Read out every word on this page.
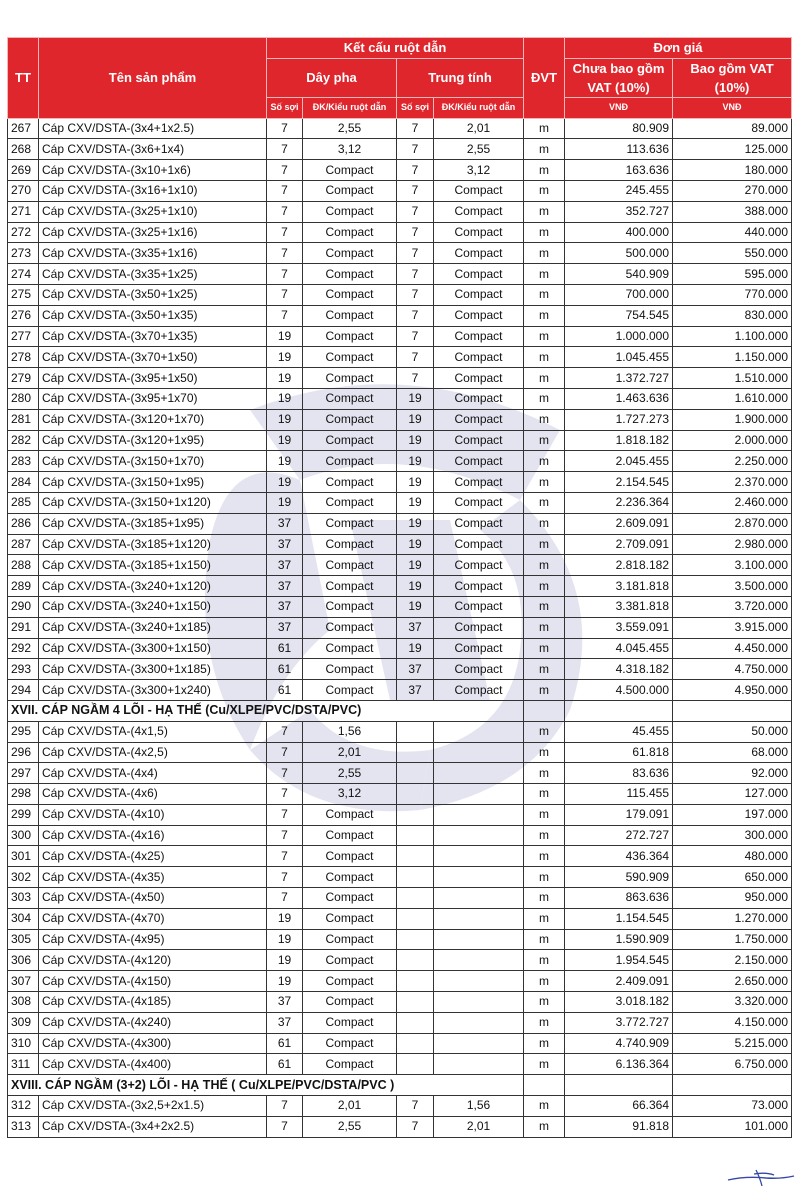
TT	Tên sản phẩm	Kết cấu ruột dẫn				ĐVT	Đơn giá	
		Dây pha		Trung tính			Chưa bao gồm VAT (10%)	Bao gồm VAT (10%)
		Số sợi	ĐK/Kiểu ruột dẫn	Số sợi	ĐK/Kiểu ruột dẫn		VNĐ	VNĐ
267	Cáp CXV/DSTA-(3x4+1x2.5)	7	2,55	7	2,01	m	80.909	89.000
268	Cáp CXV/DSTA-(3x6+1x4)	7	3,12	7	2,55	m	113.636	125.000
269	Cáp CXV/DSTA-(3x10+1x6)	7	Compact	7	3,12	m	163.636	180.000
270	Cáp CXV/DSTA-(3x16+1x10)	7	Compact	7	Compact	m	245.455	270.000
271	Cáp CXV/DSTA-(3x25+1x10)	7	Compact	7	Compact	m	352.727	388.000
272	Cáp CXV/DSTA-(3x25+1x16)	7	Compact	7	Compact	m	400.000	440.000
273	Cáp CXV/DSTA-(3x35+1x16)	7	Compact	7	Compact	m	500.000	550.000
274	Cáp CXV/DSTA-(3x35+1x25)	7	Compact	7	Compact	m	540.909	595.000
275	Cáp CXV/DSTA-(3x50+1x25)	7	Compact	7	Compact	m	700.000	770.000
276	Cáp CXV/DSTA-(3x50+1x35)	7	Compact	7	Compact	m	754.545	830.000
277	Cáp CXV/DSTA-(3x70+1x35)	19	Compact	7	Compact	m	1.000.000	1.100.000
278	Cáp CXV/DSTA-(3x70+1x50)	19	Compact	7	Compact	m	1.045.455	1.150.000
279	Cáp CXV/DSTA-(3x95+1x50)	19	Compact	7	Compact	m	1.372.727	1.510.000
280	Cáp CXV/DSTA-(3x95+1x70)	19	Compact	19	Compact	m	1.463.636	1.610.000
281	Cáp CXV/DSTA-(3x120+1x70)	19	Compact	19	Compact	m	1.727.273	1.900.000
282	Cáp CXV/DSTA-(3x120+1x95)	19	Compact	19	Compact	m	1.818.182	2.000.000
283	Cáp CXV/DSTA-(3x150+1x70)	19	Compact	19	Compact	m	2.045.455	2.250.000
284	Cáp CXV/DSTA-(3x150+1x95)	19	Compact	19	Compact	m	2.154.545	2.370.000
285	Cáp CXV/DSTA-(3x150+1x120)	19	Compact	19	Compact	m	2.236.364	2.460.000
286	Cáp CXV/DSTA-(3x185+1x95)	37	Compact	19	Compact	m	2.609.091	2.870.000
287	Cáp CXV/DSTA-(3x185+1x120)	37	Compact	19	Compact	m	2.709.091	2.980.000
288	Cáp CXV/DSTA-(3x185+1x150)	37	Compact	19	Compact	m	2.818.182	3.100.000
289	Cáp CXV/DSTA-(3x240+1x120)	37	Compact	19	Compact	m	3.181.818	3.500.000
290	Cáp CXV/DSTA-(3x240+1x150)	37	Compact	19	Compact	m	3.381.818	3.720.000
291	Cáp CXV/DSTA-(3x240+1x185)	37	Compact	37	Compact	m	3.559.091	3.915.000
292	Cáp CXV/DSTA-(3x300+1x150)	61	Compact	19	Compact	m	4.045.455	4.450.000
293	Cáp CXV/DSTA-(3x300+1x185)	61	Compact	37	Compact	m	4.318.182	4.750.000
294	Cáp CXV/DSTA-(3x300+1x240)	61	Compact	37	Compact	m	4.500.000	4.950.000
XVII. CÁP NGẦM 4 LÕI - HẠ THẾ (Cu/XLPE/PVC/DSTA/PVC)								
295	Cáp CXV/DSTA-(4x1,5)	7	1,56			m	45.455	50.000
296	Cáp CXV/DSTA-(4x2,5)	7	2,01			m	61.818	68.000
297	Cáp CXV/DSTA-(4x4)	7	2,55			m	83.636	92.000
298	Cáp CXV/DSTA-(4x6)	7	3,12			m	115.455	127.000
299	Cáp CXV/DSTA-(4x10)	7	Compact			m	179.091	197.000
300	Cáp CXV/DSTA-(4x16)	7	Compact			m	272.727	300.000
301	Cáp CXV/DSTA-(4x25)	7	Compact			m	436.364	480.000
302	Cáp CXV/DSTA-(4x35)	7	Compact			m	590.909	650.000
303	Cáp CXV/DSTA-(4x50)	7	Compact			m	863.636	950.000
304	Cáp CXV/DSTA-(4x70)	19	Compact			m	1.154.545	1.270.000
305	Cáp CXV/DSTA-(4x95)	19	Compact			m	1.590.909	1.750.000
306	Cáp CXV/DSTA-(4x120)	19	Compact			m	1.954.545	2.150.000
307	Cáp CXV/DSTA-(4x150)	19	Compact			m	2.409.091	2.650.000
308	Cáp CXV/DSTA-(4x185)	37	Compact			m	3.018.182	3.320.000
309	Cáp CXV/DSTA-(4x240)	37	Compact			m	3.772.727	4.150.000
310	Cáp CXV/DSTA-(4x300)	61	Compact			m	4.740.909	5.215.000
311	Cáp CXV/DSTA-(4x400)	61	Compact			m	6.136.364	6.750.000
XVIII. CÁP NGẦM (3+2) LÕI - HẠ THẾ ( Cu/XLPE/PVC/DSTA/PVC )								
312	Cáp CXV/DSTA-(3x2,5+2x1.5)	7	2,01	7	1,56	m	66.364	73.000
313	Cáp CXV/DSTA-(3x4+2x2.5)	7	2,55	7	2,01	m	91.818	101.000
